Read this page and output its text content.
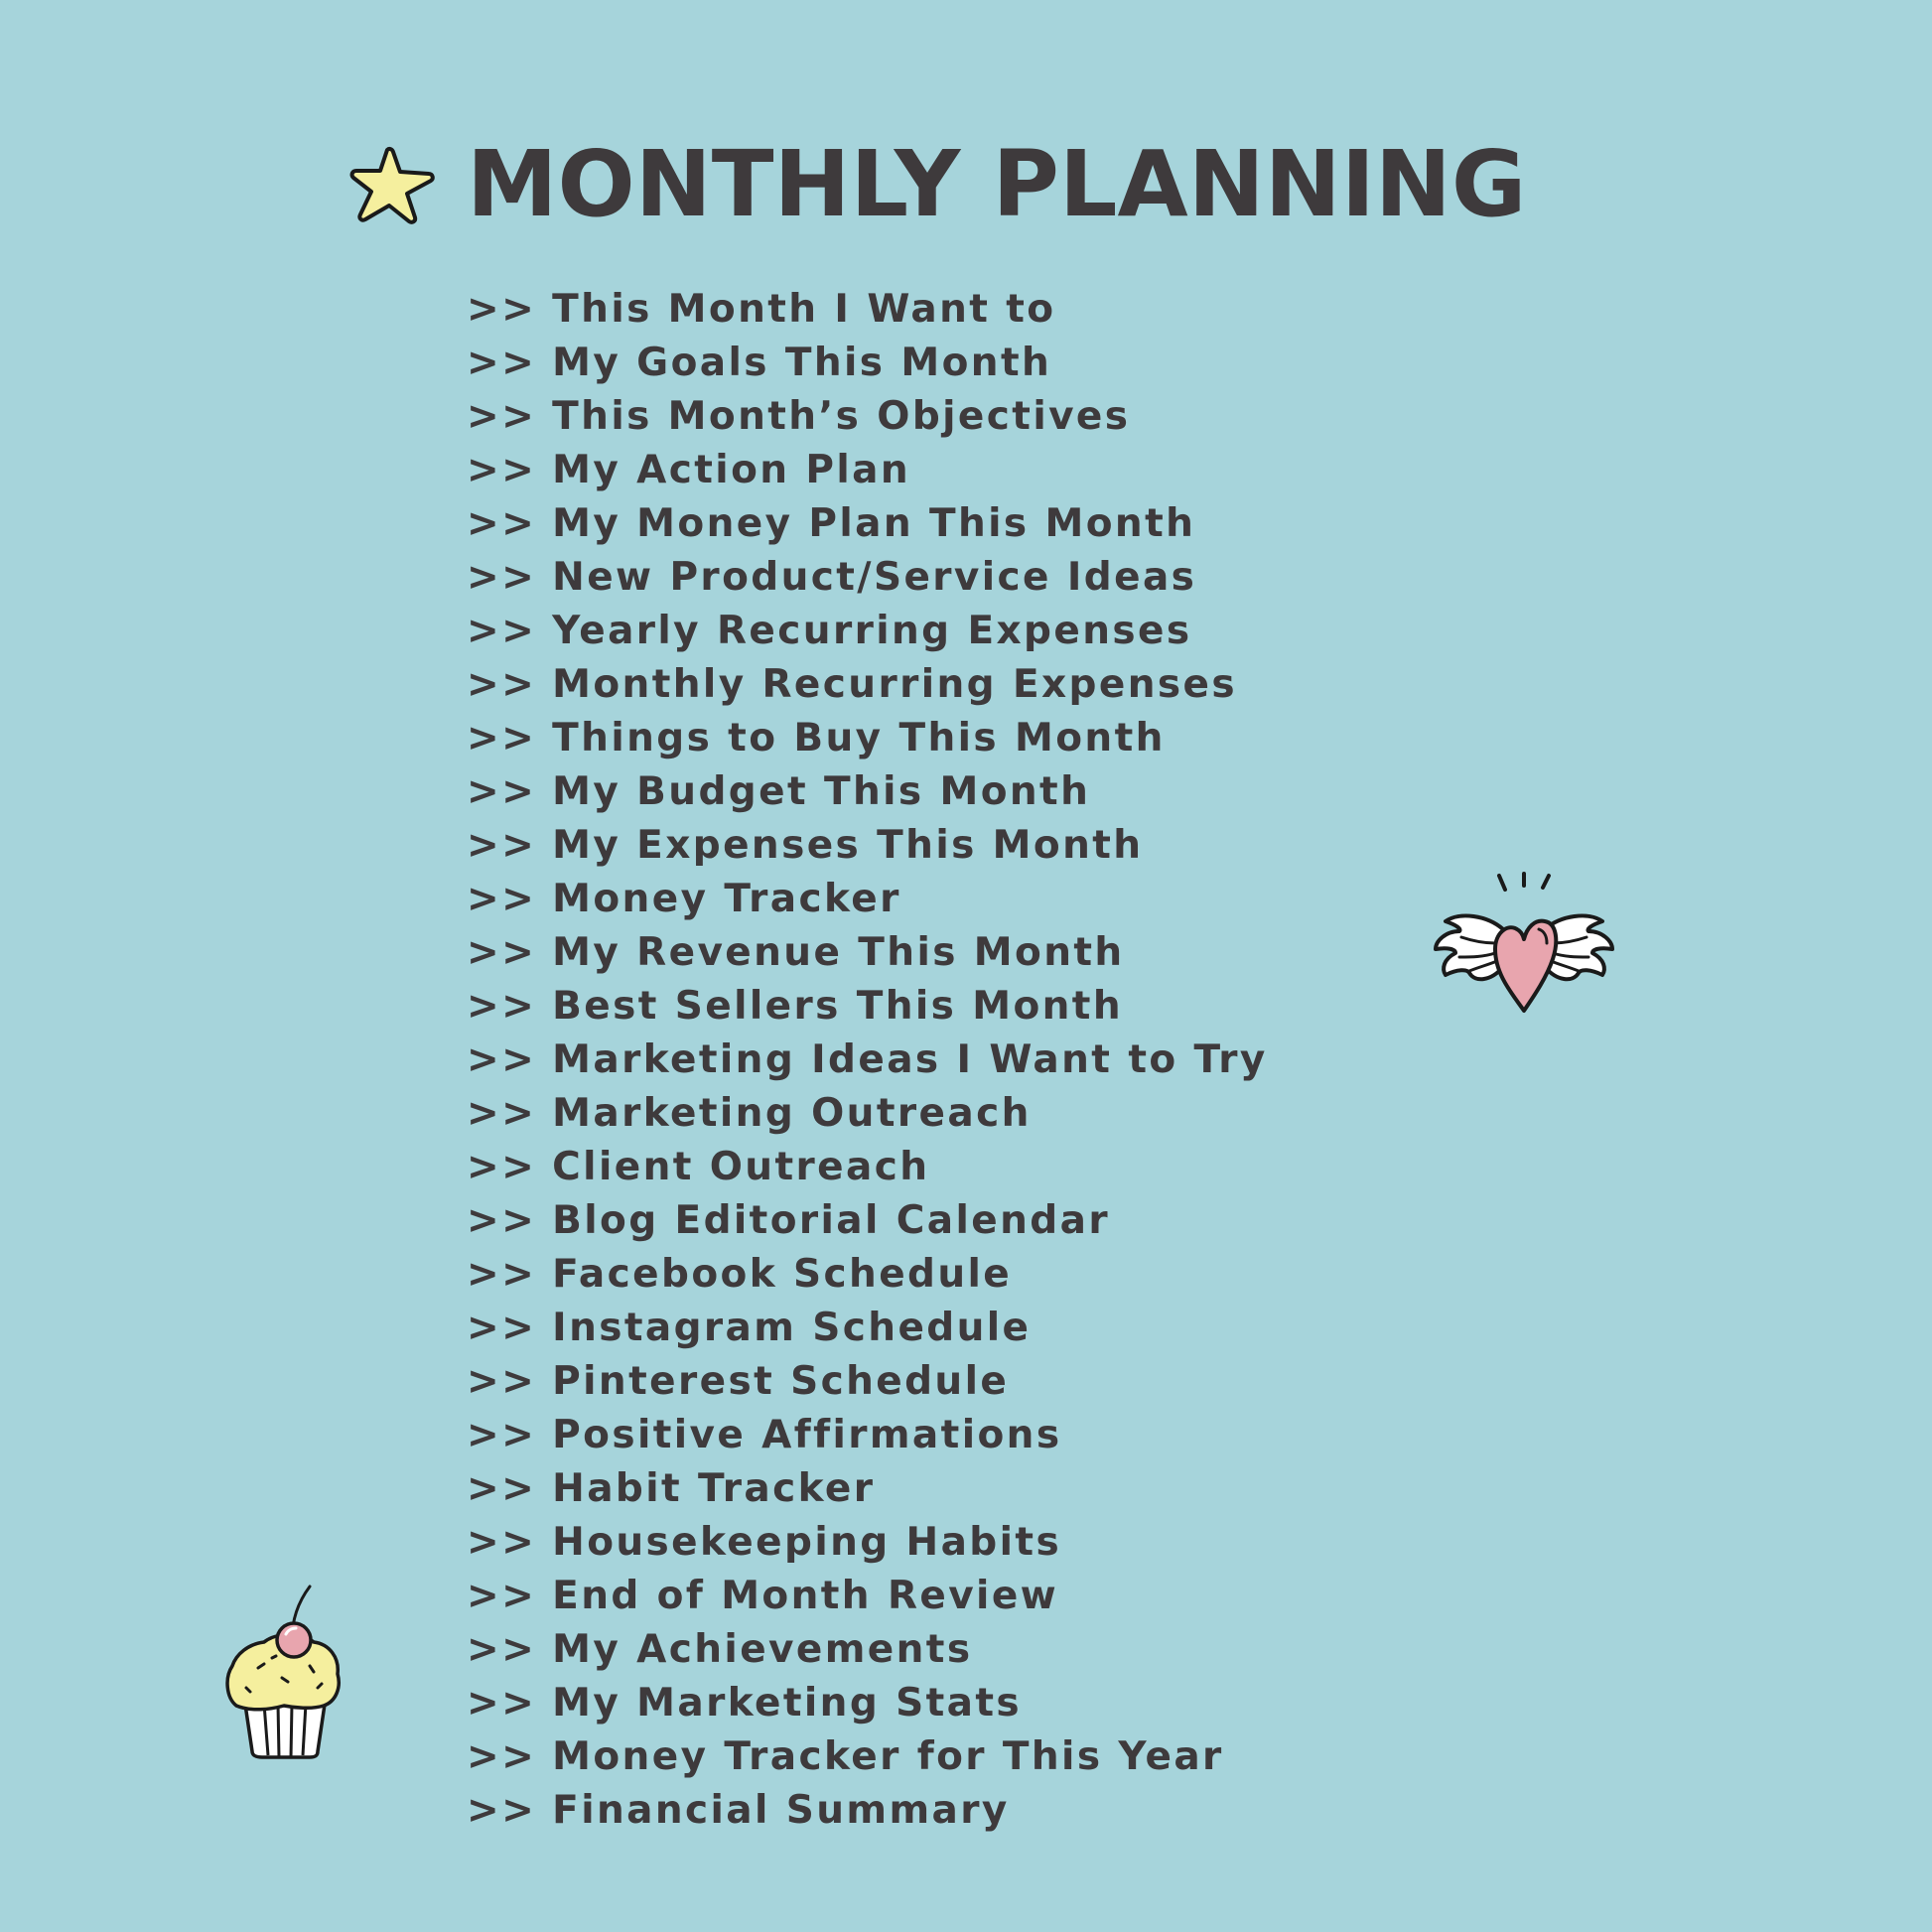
MONTHLY PLANNING
>> This Month I Want to
>> My Goals This Month
>> This Month’s Objectives
>> My Action Plan
>> My Money Plan This Month
>> New Product/Service Ideas
>> Yearly Recurring Expenses
>> Monthly Recurring Expenses
>> Things to Buy This Month
>> My Budget This Month
>> My Expenses This Month
>> Money Tracker
>> My Revenue This Month
>> Best Sellers This Month
>> Marketing Ideas I Want to Try
>> Marketing Outreach
>> Client Outreach
>> Blog Editorial Calendar
>> Facebook Schedule
>> Instagram Schedule
>> Pinterest Schedule
>> Positive Affirmations
>> Habit Tracker
>> Housekeeping Habits
>> End of Month Review
>> My Achievements
>> My Marketing Stats
>> Money Tracker for This Year
>> Financial Summary
